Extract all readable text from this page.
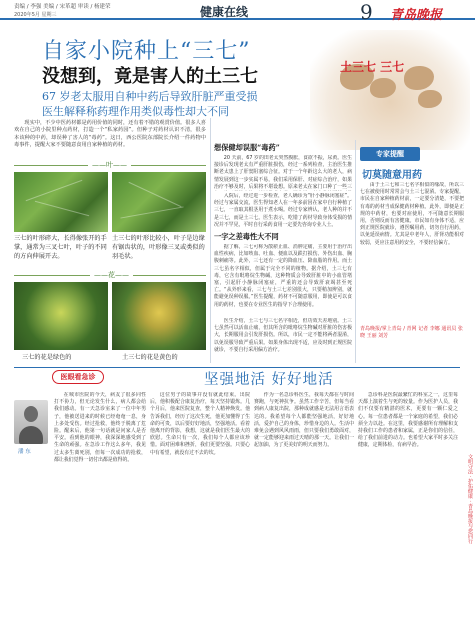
责编 / 李强 美编 / 宋革超 审读 / 杨建荣
2020年5月 星期三	健康在线	9 青岛晚报
土三七 三七
自家小院种上“三七”
没想到，竟是害人的土三七
67 岁老太服用自种中药后导致肝脏严重受损
医生解释称药理作用类似毒性却大不同
现实中，不少中医药材都是药用价值的同时，还有着不错的观赏价值。很多人喜欢在自己的小院里种点药材，打造一个“私家药园”。但种子对药材认识不清，很多本该种的中药，却误种了害人的“毒药”。这日，西公医院东部院长介绍一件药物中毒事件，提醒大家不要随意食用自家种植的药材。
——叶——
三七的叶形碎大，长得像张开的手掌，通常为三叉七叶，叶子的不同的方向伸展开去。
土三七的叶形比较小，叶子是边缘有锯齿状的，叶形像三叉或类似的羽毛状。
——花——
三七的花是绿色的	土三七的花是黄色的
想保健却误服“毒药”
20 天前，67 岁的田老太突然腹胀，食欲不振，尿黄。医生接诊后发现老太有严重肝脏损伤，经过一系列检查，主治医生推断老太患上了肝窦阻塞综合征。对于一个年龄这么大的老人，病情发展到这一步实属不易，我们采用保肝、对症综合治疗，如果治疗不够及时，后果将不堪设想。原来老太在家门口种了一些三
入院后，经过进一步检查，老人确诊为“肝小静脉闭塞症”。经过与家属交流，医生得知老人在一年多前因在家中自行种植了三七，一直取其根茎用于煮水喝。经过专家辨认，老人种的并不是三七，而是土三七。医生表示，吃错了药材导致身体受损的情况并不罕见，平时自行采药食用一定要先咨询专业人士。
一字之差毒性大不同
据了解，三七可称为散瘀止血、消肿定痛，主要用于治疗出血性疾病，比如咳血、吐血、便血以及跌打损伤、外伤出血、胸腹刺痛等。此外，三七还有一定的降血压、降血脂的作用。而土三七虽名字相似，但属于完全不同的植物。据介绍，土三七有毒，它含有吡咯烷生物碱，这种物质会导致肝脏中的小血管堵塞，引起肝小静脉闭塞症，严重的还会导致肝衰竭甚至死亡。“从外形来看，三七与土三七差别很大，只要稍加辨别，就能避免误种误服。”医生提醒，药材不可随意服用，即使是可以食用的药材，也要在专业医生的指导下合理使用。
医生介绍，土三七与三七名字相近，但功效天差地别。土三七虽然可以活血止痛，但其所含的吡咯烷生物碱对肝脏的伤害极大，长期服用会引发肝损伤。所以，市民一定不能将两者混淆，以免误服导致严重后果。如果身体出现不适，应及时到正规医院就诊，不要自行采用偏方治疗。
专家提醒
切莫随意用药
由于土三七和三七名字相似的缘故，所以三七在被使用时常常会与土三七混淆。专家提醒，市民在自家种植药材前，一定要分清楚，不要把有毒的药材当成保健药材种植。此外，即便是正规的中药材，也要对症使用，不可随意长期服用，否则反而有害健康。市民如有身体不适，应到正规医院就诊，遵医嘱用药，切勿自行用药，以免延误病情。尤其是中老年人，肝肾功能相对较弱，更应注意用药安全，不要轻信偏方。
青岛晚报/掌上青岛 / 青网 记者 李娜 通讯员 张晓 王丽 刘芳
医眼看急诊	坚强地活 好好地活
潘 东
在城市医院的今天，病友了很多同性打不协力，但无论发生什么，病人都会给我们感动。有一天急诊室来了一位中年男子，他被送进来的时候已经奄奄一息，身上多处受伤。经过抢救，他终于脱离了危险。醒来后，他第一句话就是问家人是否平安。看到他的眼神，我深深地感受到了生命的顽强。在急诊工作这么多年，我见过太多生离死别，但每一次成功的抢救，都让我们觉得一切付出都是值得的。
这位男子的故事并没有就此结束。出院后，他积极配合康复治疗，每天坚持锻炼。几个月后，他来医院复查，整个人精神焕发。他告诉我们，经历了这次生死，他更加懂得了生命的可贵，以后要好好地活，坚强地活。看着他离开的背影，我想，这就是我们医生最大的欣慰。生命只有一次，我们每个人都应该珍惜。面对困难和挫折，我们更要坚强。只要心中有希望，就没有过不去的坎。
作为一名急诊科医生，我每天都在与时间赛跑，与死神抗争。虽然工作辛苦，但每当看到病人康复出院，那种成就感是无法用言语表达的。我希望每个人都能坚强地活，好好地活，爱护自己的身体，珍惜身边的人。生活中难免会遇到风风雨雨，但只要我们勇敢面对，就一定能够迎来雨过天晴的那一天。让我们一起加油，为了更美好的明天而努力。
急诊科是医院最繁忙的科室之一，这里每天都上演着生与死的较量。作为医护人员，我们不仅要有精湛的医术，更要有一颗仁爱之心。每一位患者都是一个家庭的希望，我们必须全力以赴。在这里，我要感谢所有理解和支持我们工作的患者和家属，正是你们的信任，给了我们前进的动力。也希望大家平时多关注健康，定期体检，有病早治。
文明守法 · 护佑健康 · 青岛晚报与您同行
